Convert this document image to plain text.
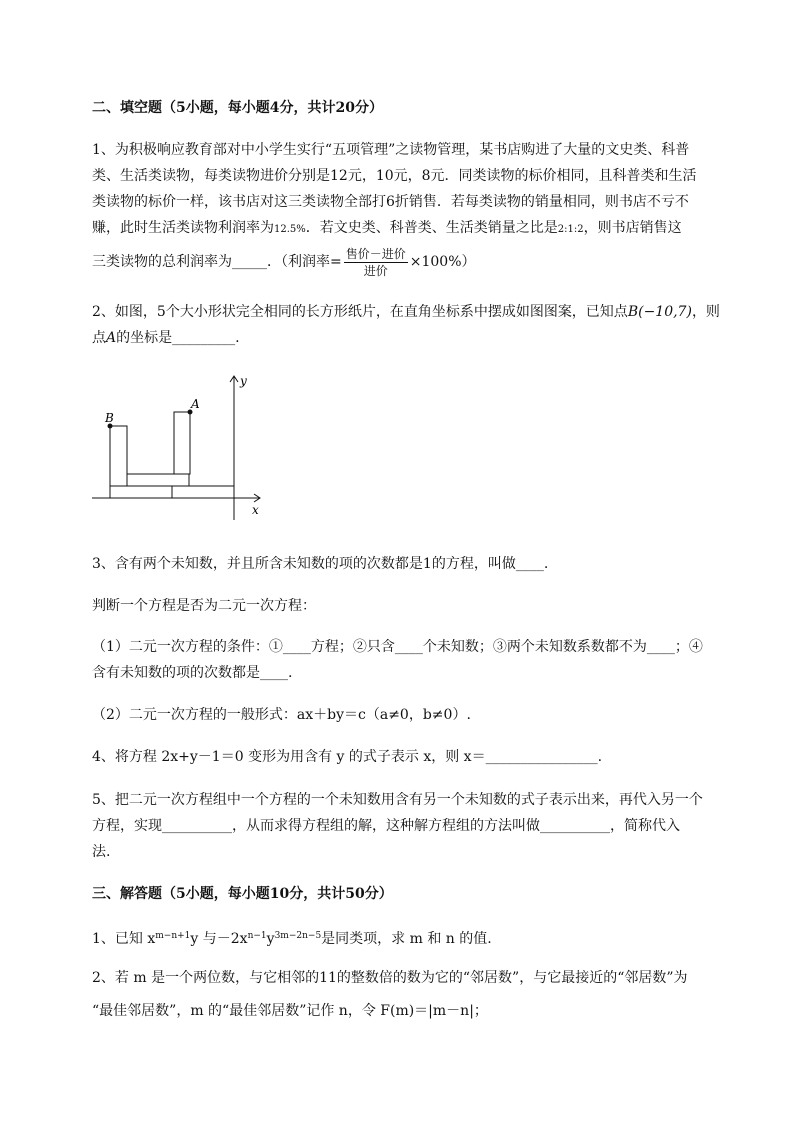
二、填空题（5小题，每小题4分，共计20分）
1、为积极响应教育部对中小学生实行“五项管理”之读物管理，某书店购进了大量的文史类、科普
类、生活类读物，每类读物进价分别是12元，10元，8元．同类读物的标价相同，且科普类和生活
类读物的标价一样，该书店对这三类读物全部打6折销售．若每类读物的销量相同，则书店不亏不
赚，此时生活类读物利润率为12.5%．若文史类、科普类、生活类销量之比是2:1:2，则书店销售这
三类读物的总利润率为_____．（利润率= $\frac{\text{售价－进价}}{\text{进价}} \times 100\%$）
2、如图，5个大小形状完全相同的长方形纸片，在直角坐标系中摆成如图图案，已知点B(−10,7)，则
点A的坐标是_________.
B
A
x
y
3、含有两个未知数，并且所含未知数的项的次数都是1的方程，叫做____.
判断一个方程是否为二元一次方程：
（1）二元一次方程的条件：①____方程；②只含____个未知数；③两个未知数系数都不为____；④
含有未知数的项的次数都是____.
（2）二元一次方程的一般形式：ax＋by＝c（a≠0，b≠0）.
4、将方程 2x+y－1＝0 变形为用含有 y 的式子表示 x，则 x＝________________.
5、把二元一次方程组中一个方程的一个未知数用含有另一个未知数的式子表示出来，再代入另一个
方程，实现__________，从而求得方程组的解，这种解方程组的方法叫做__________，简称代入
法.
三、解答题（5小题，每小题10分，共计50分）
1、已知 $x^{m-n+1}y$ 与$-2x^{n-1}y^{3m-2n-5}$是同类项，求 m 和 n 的值.
2、若 m 是一个两位数，与它相邻的11的整数倍的数为它的“邻居数”，与它最接近的“邻居数”为
“最佳邻居数”，m 的“最佳邻居数”记作 n，令 F(m)＝|m－n|；
